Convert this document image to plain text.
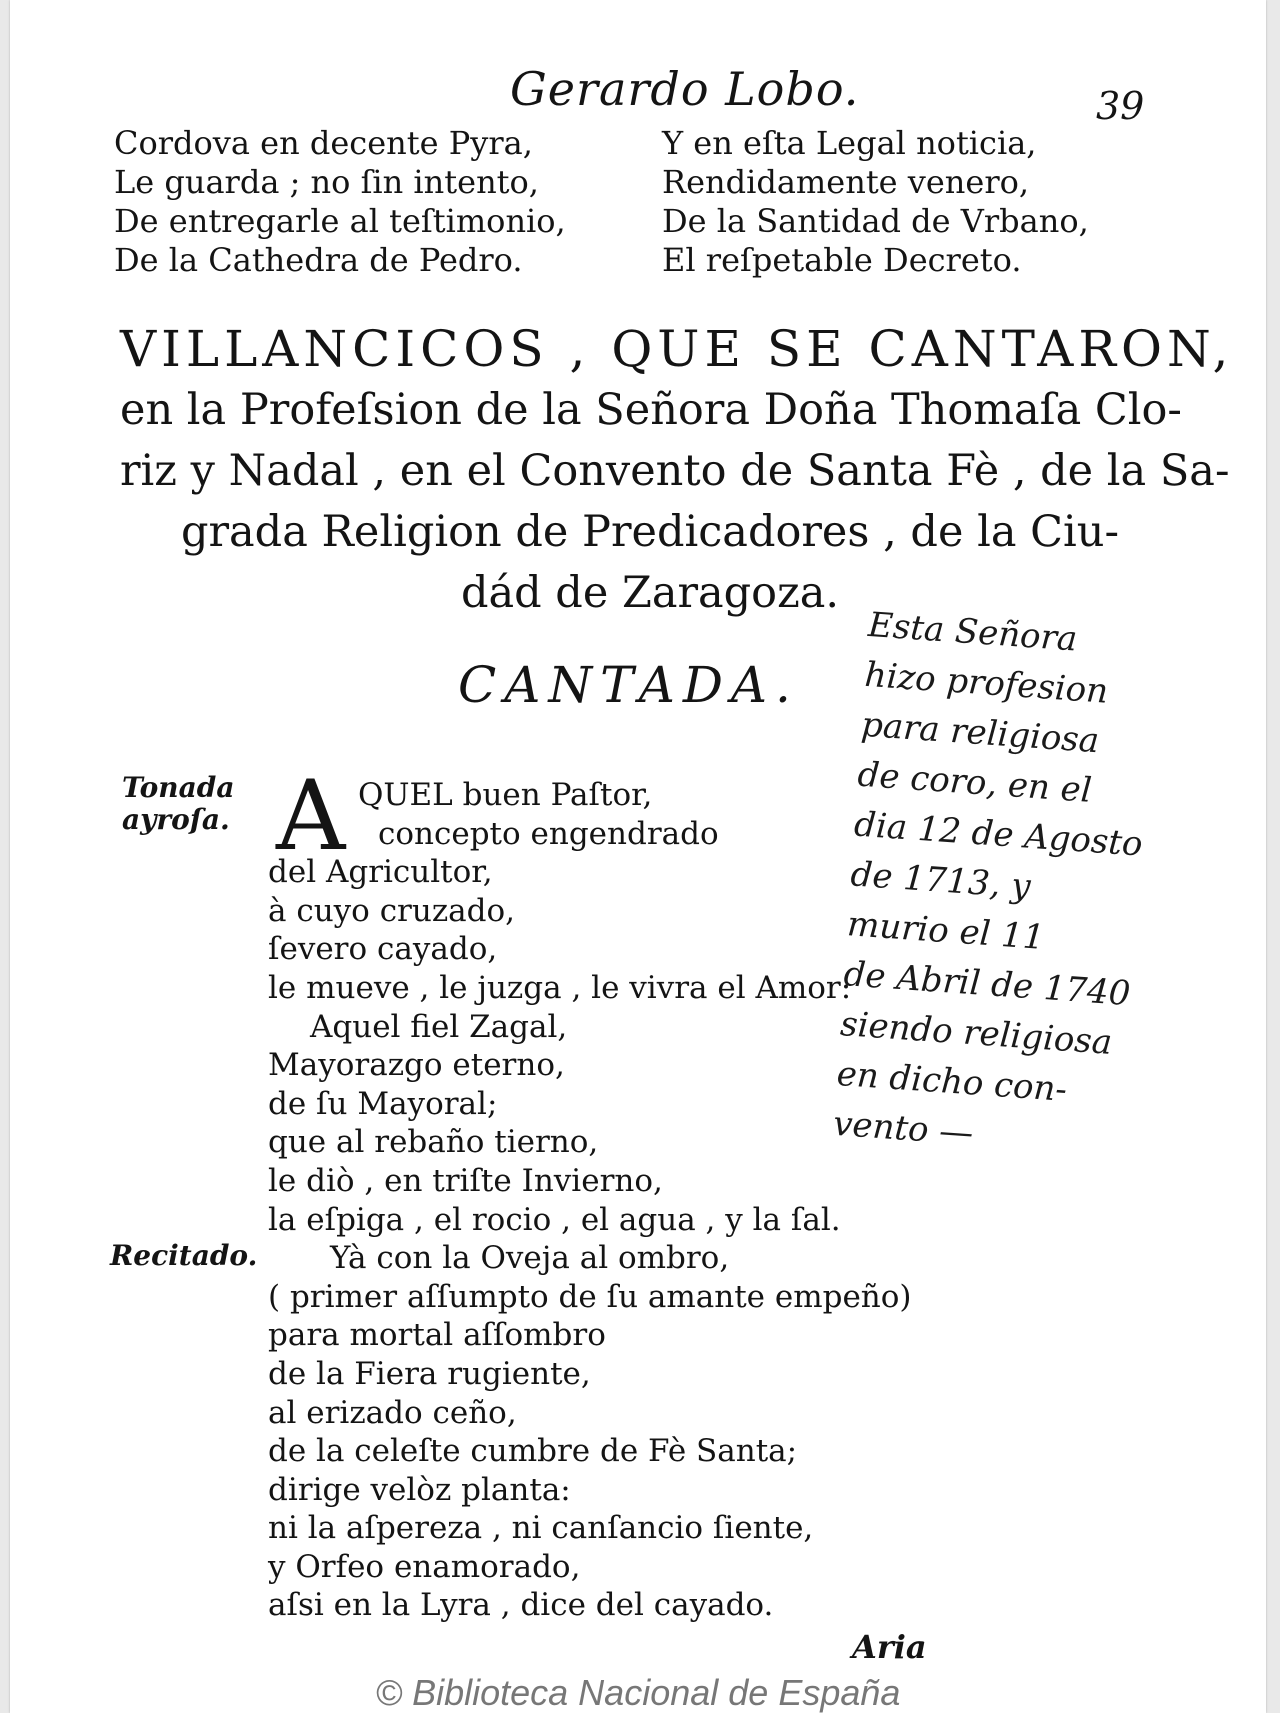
Gerardo Lobo.	39
Cordova en decente Pyra,
Le guarda ; no ſin intento,
De entregarle al teſtimonio,
De la Cathedra de Pedro.
Y en eſta Legal noticia,
Rendidamente venero,
De la Santidad de Vrbano,
El reſpetable Decreto.
VILLANCICOS , QUE SE CANTARON,
en la Profeſsion de la Señora Doña Thomaſa Clo-
riz y Nadal , en el Convento de Santa Fè , de la Sa-
grada Religion de Predicadores , de la Ciu-
dád de Zaragoza.
CANTADA.
Tonada
ayroſa.
Recitado.
A QUEL buen Paſtor,
concepto engendrado
del Agricultor,
à cuyo cruzado,
ſevero cayado,
le mueve , le juzga , le vivra el Amor:
Aquel fiel Zagal,
Mayorazgo eterno,
de ſu Mayoral;
que al rebaño tierno,
le diò , en triſte Invierno,
la eſpiga , el rocio , el agua , y la ſal.
Yà con la Oveja al ombro,
( primer aſſumpto de ſu amante empeño)
para mortal aſſombro
de la Fiera rugiente,
al erizado ceño,
de la celeſte cumbre de Fè Santa;
dirige velòz planta:
ni la aſpereza , ni canſancio ſiente,
y Orfeo enamorado,
aſsi en la Lyra , dice del cayado.
Esta Señora
hizo profesion
para religiosa
de coro, en el
dia 12 de Agosto
de 1713, y
murio el 11
de Abril de 1740
siendo religiosa
en dicho con-
vento —
Aria
© Biblioteca Nacional de España
